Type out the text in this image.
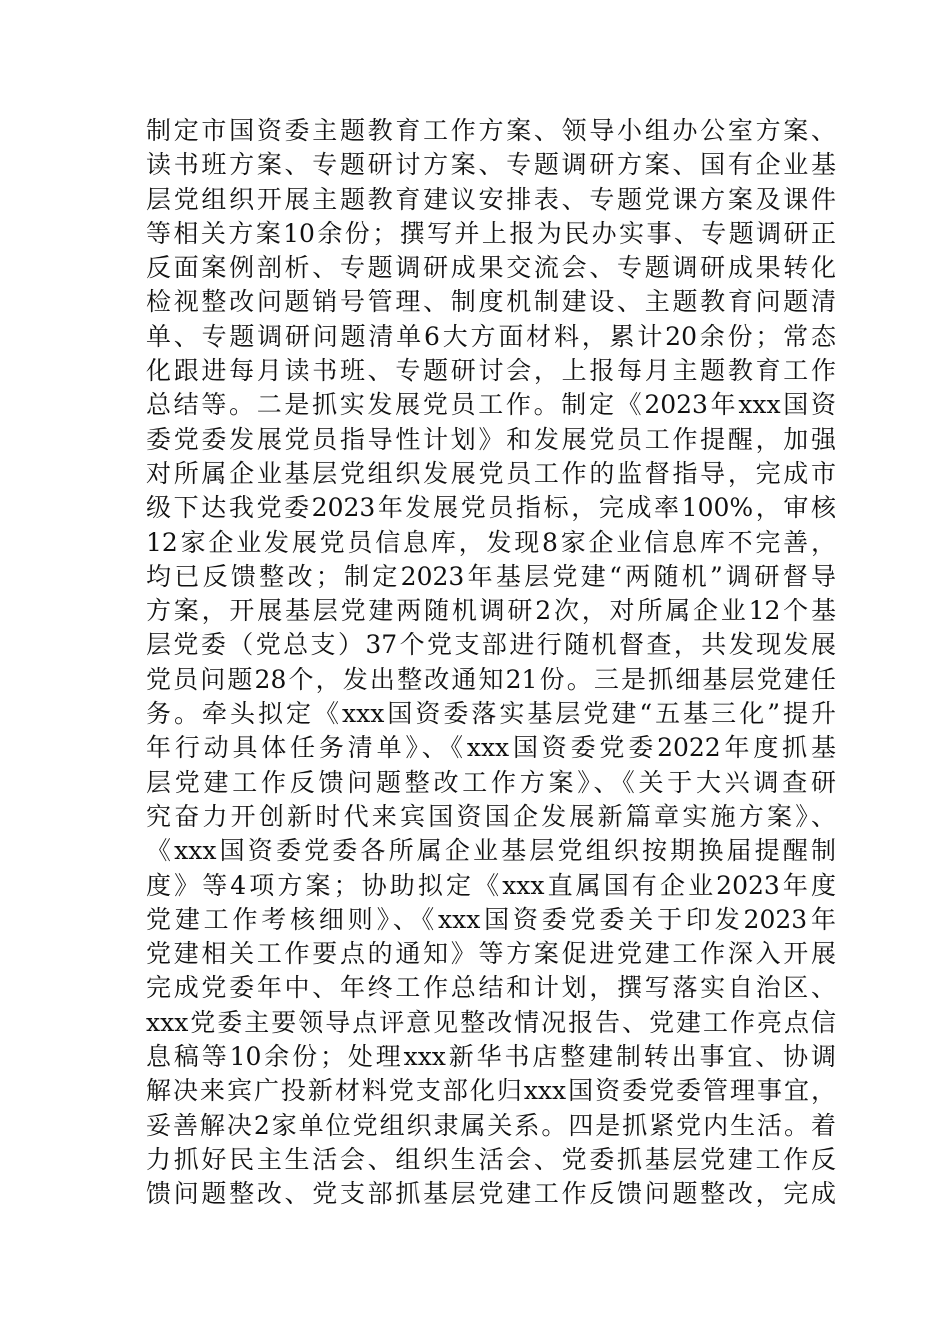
制定市国资委主题教育工作方案、领导小组办公室方案、
读书班方案、专题研讨方案、专题调研方案、国有企业基
层党组织开展主题教育建议安排表、专题党课方案及课件
等相关方案10余份；撰写并上报为民办实事、专题调研正
反面案例剖析、专题调研成果交流会、专题调研成果转化
检视整改问题销号管理、制度机制建设、主题教育问题清
单、专题调研问题清单6大方面材料，累计20余份；常态
化跟进每月读书班、专题研讨会，上报每月主题教育工作
总结等。二是抓实发展党员工作。制定《2023年xxx国资
委党委发展党员指导性计划》和发展党员工作提醒，加强
对所属企业基层党组织发展党员工作的监督指导，完成市
级下达我党委2023年发展党员指标，完成率100%，审核
12家企业发展党员信息库，发现8家企业信息库不完善，
均已反馈整改；制定2023年基层党建“两随机”调研督导
方案，开展基层党建两随机调研2次，对所属企业12个基
层党委（党总支）37个党支部进行随机督查，共发现发展
党员问题28个，发出整改通知21份。三是抓细基层党建任
务。牵头拟定《xxx国资委落实基层党建“五基三化”提升
年行动具体任务清单》、《xxx国资委党委2022年度抓基
层党建工作反馈问题整改工作方案》、《关于大兴调查研
究奋力开创新时代来宾国资国企发展新篇章实施方案》、
《xxx国资委党委各所属企业基层党组织按期换届提醒制
度》等4项方案；协助拟定《xxx直属国有企业2023年度
党建工作考核细则》、《xxx国资委党委关于印发2023年
党建相关工作要点的通知》等方案促进党建工作深入开展
完成党委年中、年终工作总结和计划，撰写落实自治区、
xxx党委主要领导点评意见整改情况报告、党建工作亮点信
息稿等10余份；处理xxx新华书店整建制转出事宜、协调
解决来宾广投新材料党支部化归xxx国资委党委管理事宜，
妥善解决2家单位党组织隶属关系。四是抓紧党内生活。着
力抓好民主生活会、组织生活会、党委抓基层党建工作反
馈问题整改、党支部抓基层党建工作反馈问题整改，完成
